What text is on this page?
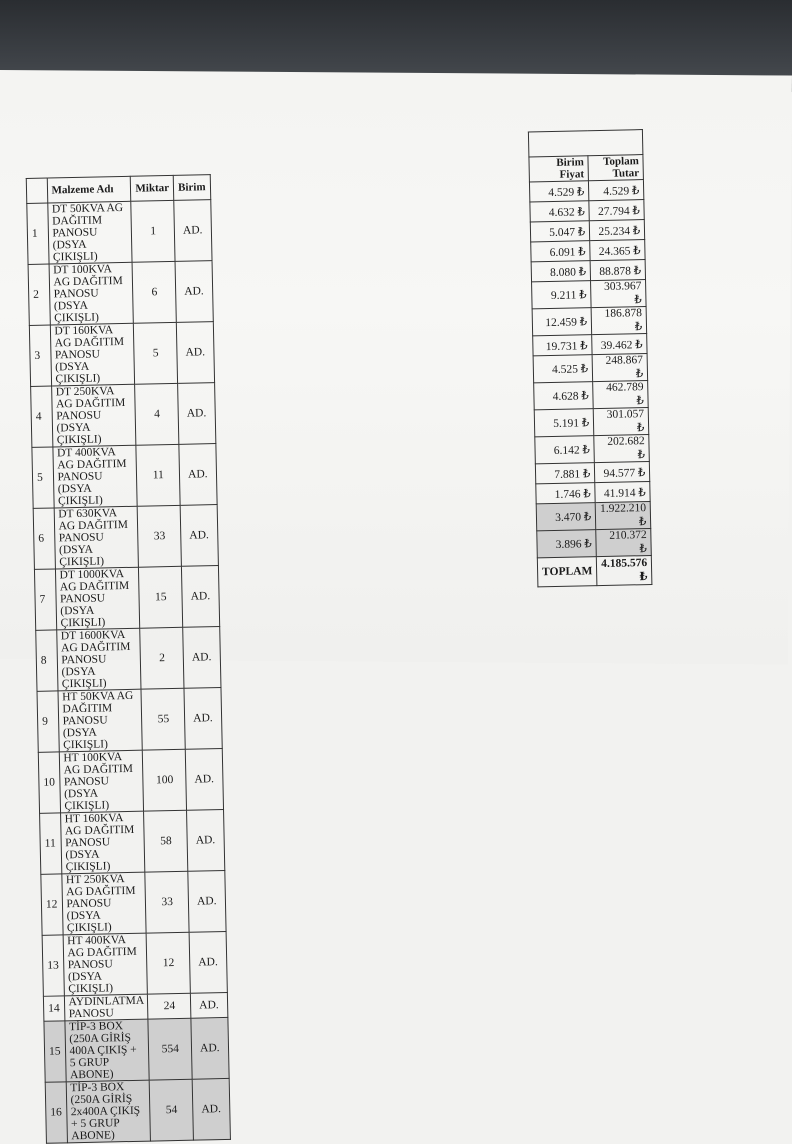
	Malzeme Adı	Miktar	Birim
1	DT 50KVA AG DAĞITIM PANOSU (DSYA ÇIKIŞLI)	1	AD.
2	DT 100KVA AG DAĞITIM PANOSU (DSYA ÇIKIŞLI)	6	AD.
3	DT 160KVA AG DAĞITIM PANOSU (DSYA ÇIKIŞLI)	5	AD.
4	DT 250KVA AG DAĞITIM PANOSU (DSYA ÇIKIŞLI)	4	AD.
5	DT 400KVA AG DAĞITIM PANOSU (DSYA ÇIKIŞLI)	11	AD.
6	DT 630KVA AG DAĞITIM PANOSU (DSYA ÇIKIŞLI)	33	AD.
7	DT 1000KVA AG DAĞITIM PANOSU (DSYA ÇIKIŞLI)	15	AD.
8	DT 1600KVA AG DAĞITIM PANOSU (DSYA ÇIKIŞLI)	2	AD.
9	HT 50KVA AG DAĞITIM PANOSU (DSYA ÇIKIŞLI)	55	AD.
10	HT 100KVA AG DAĞITIM PANOSU (DSYA ÇIKIŞLI)	100	AD.
11	HT 160KVA AG DAĞITIM PANOSU (DSYA ÇIKIŞLI)	58	AD.
12	HT 250KVA AG DAĞITIM PANOSU (DSYA ÇIKIŞLI)	33	AD.
13	HT 400KVA AG DAĞITIM PANOSU (DSYA ÇIKIŞLI)	12	AD.
14	AYDINLATMA PANOSU	24	AD.
15	TİP-3 BOX (250A GİRİŞ 400A ÇIKIŞ + 5 GRUP ABONE)	554	AD.
16	TİP-3 BOX (250A GİRİŞ 2x400A ÇIKIŞ + 5 GRUP ABONE)	54	AD.

Birim Fiyat	Toplam Tutar
4.529 ₺	4.529 ₺
4.632 ₺	27.794 ₺
5.047 ₺	25.234 ₺
6.091 ₺	24.365 ₺
8.080 ₺	88.878 ₺
9.211 ₺	303.967 ₺
12.459 ₺	186.878 ₺
19.731 ₺	39.462 ₺
4.525 ₺	248.867 ₺
4.628 ₺	462.789 ₺
5.191 ₺	301.057 ₺
6.142 ₺	202.682 ₺
7.881 ₺	94.577 ₺
1.746 ₺	41.914 ₺
3.470 ₺	1.922.210 ₺
3.896 ₺	210.372 ₺
TOPLAM	4.185.576 ₺
